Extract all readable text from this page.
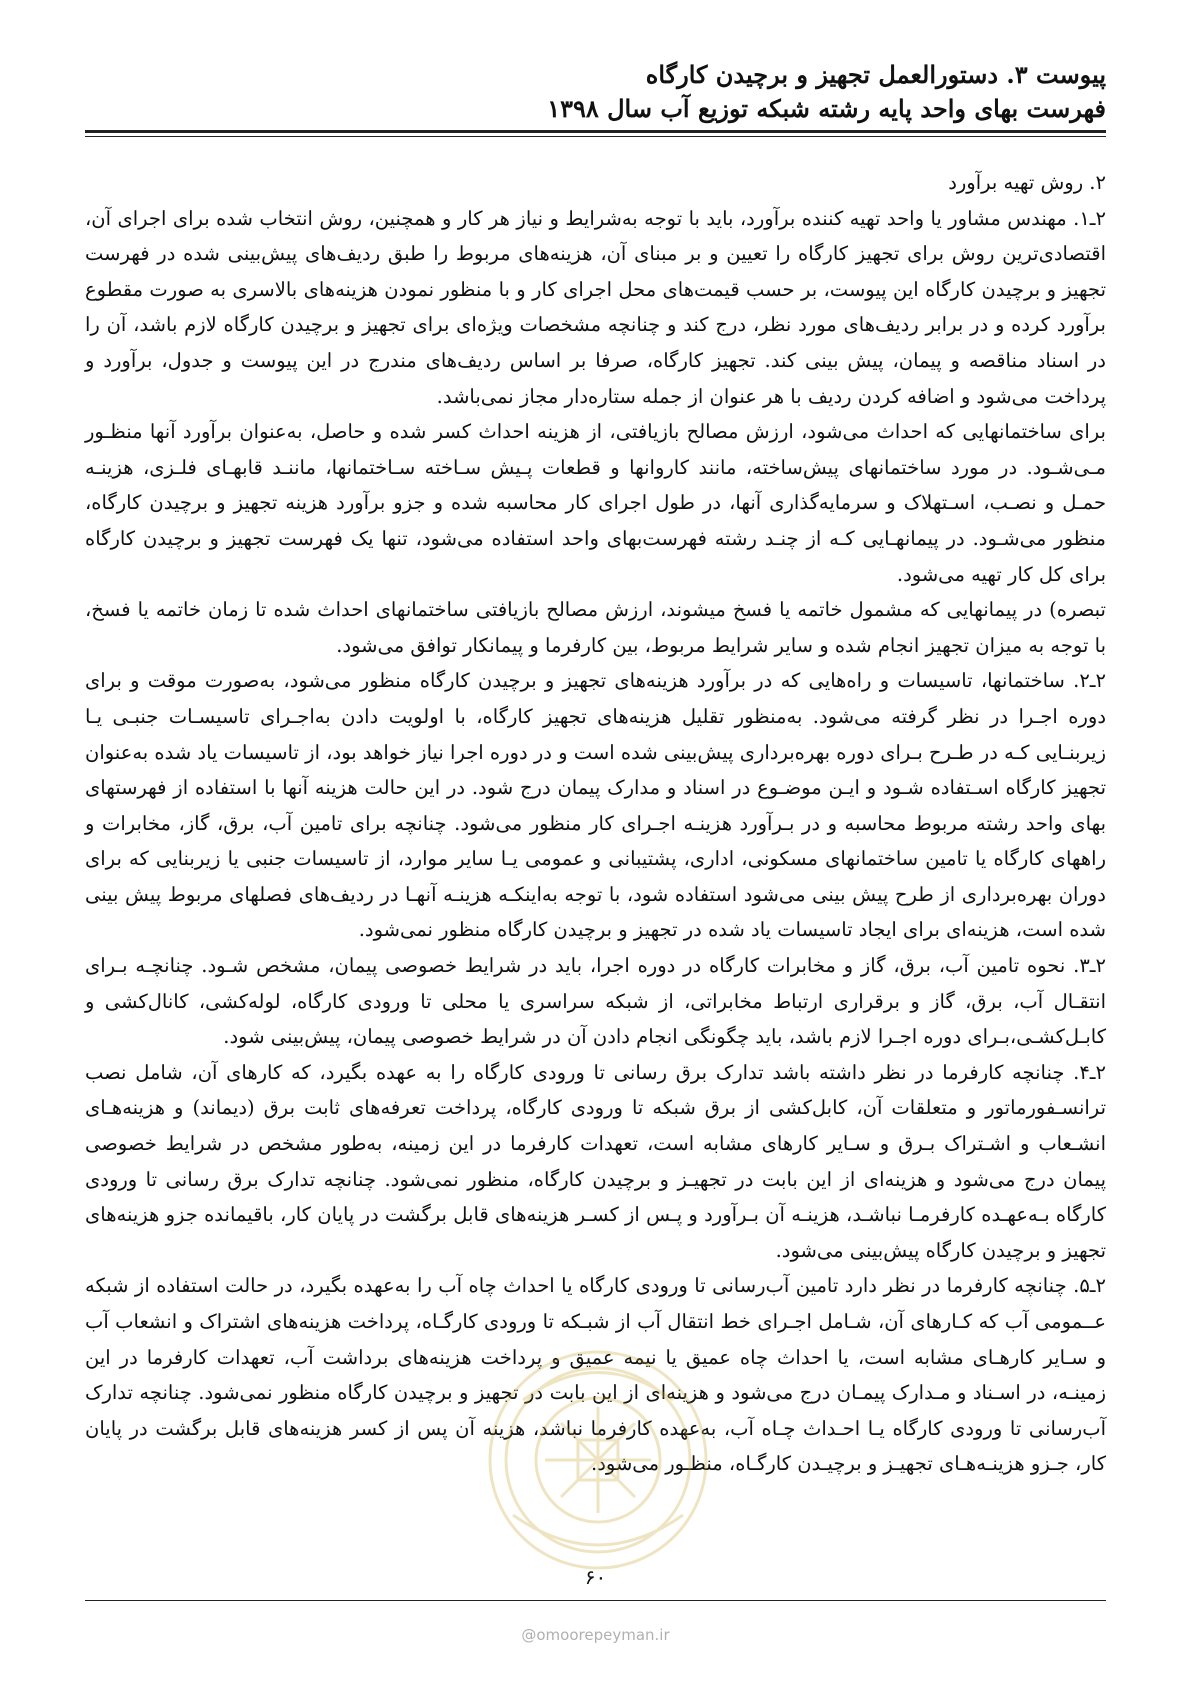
پیوست ۳. دستورالعمل تجهیز و برچیدن کارگاه
فهرست بهای واحد پایه رشته شبکه توزیع آب سال ۱۳۹۸

۲. روش تهیه برآورد

۲ـ۱. مهندس مشاور یا واحد تهیه کننده برآورد، باید با توجه به‌شرایط و نیاز هر کار و همچنین، روش انتخاب شده برای اجرای آن، اقتصادی‌ترین روش برای تجهیز کارگاه را تعیین و بر مبنای آن، هزینه‌های مربوط را طبق ردیف‌های پیش‌بینی شده در فهرست تجهیز و برچیدن کارگاه این پیوست، بر حسب قیمت‌های محل اجرای کار و با منظور نمودن هزینه‌های بالاسری به صورت مقطوع برآورد کرده و در برابر ردیف‌های مورد نظر، درج کند و چنانچه مشخصات ویژه‌ای برای تجهیز و برچیدن کارگاه لازم باشد، آن را در اسناد مناقصه و پیمان، پیش بینی کند. تجهیز کارگاه، صرفا بر اساس ردیف‌های مندرج در این پیوست و جدول، برآورد و پرداخت می‌شود و اضافه کردن ردیف با هر عنوان از جمله ستاره‌دار مجاز نمی‌باشد.

برای ساختمانهایی که احداث می‌شود، ارزش مصالح بازیافتی، از هزینه احداث کسر شده و حاصل، به‌عنوان برآورد آنها منظـور مـی‌شـود. در مورد ساختمانهای پیش‌ساخته، مانند کاروانها و قطعات پـیش سـاخته سـاختمانها، ماننـد قابهـای فلـزی، هزینـه حمـل و نصـب، اسـتهلاک و سرمایه‌گذاری آنها، در طول اجرای کار محاسبه شده و جزو برآورد هزینه تجهیز و برچیدن کارگاه، منظور می‌شـود. در پیمانهـایی کـه از چنـد رشته فهرست‌بهای واحد استفاده می‌شود، تنها یک فهرست تجهیز و برچیدن کارگاه برای کل کار تهیه می‌شود.

تبصره) در پیمانهایی که مشمول خاتمه یا فسخ میشوند، ارزش مصالح بازیافتی ساختمانهای احداث شده تا زمان خاتمه یا فسخ، با توجه به میزان تجهیز انجام شده و سایر شرایط مربوط، بین کارفرما و پیمانکار توافق می‌شود.

۲ـ۲. ساختمانها، تاسیسات و راه‌هایی که در برآورد هزینه‌های تجهیز و برچیدن کارگاه منظور می‌شود، به‌صورت موقت و برای دوره اجـرا در نظر گرفته می‌شود. به‌منظور تقلیل هزینه‌های تجهیز کارگاه، با اولویت دادن به‌اجـرای تاسیسـات جنبـی یـا زیربنـایی کـه در طـرح بـرای دوره بهره‌برداری پیش‌بینی شده است و در دوره اجرا نیاز خواهد بود، از تاسیسات یاد شده به‌عنوان تجهیز کارگاه اسـتفاده شـود و ایـن موضـوع در اسناد و مدارک پیمان درج شود. در این حالت هزینه آنها با استفاده از فهرستهای بهای واحد رشته مربوط محاسبه و در بـرآورد هزینـه اجـرای کار منظور می‌شود. چنانچه برای تامین آب، برق، گاز، مخابرات و راههای کارگاه یا تامین ساختمانهای مسکونی، اداری، پشتیبانی و عمومی یـا سایر موارد، از تاسیسات جنبی یا زیربنایی که برای دوران بهره‌برداری از طرح پیش بینی می‌شود استفاده شود، با توجه به‌اینکـه هزینـه آنهـا در ردیف‌های فصلهای مربوط پیش بینی شده است، هزینه‌ای برای ایجاد تاسیسات یاد شده در تجهیز و برچیدن کارگاه منظور نمی‌شود.

۲ـ۳. نحوه تامین آب، برق، گاز و مخابرات کارگاه در دوره اجرا، باید در شرایط خصوصی پیمان، مشخص شـود. چنانچـه بـرای انتقـال آب، برق، گاز و برقراری ارتباط مخابراتی، از شبکه سراسری یا محلی تا ورودی کارگاه، لوله‌کشی، کانال‌کشی و کابـل‌کشـی،بـرای دوره اجـرا لازم باشد، باید چگونگی انجام دادن آن در شرایط خصوصی پیمان، پیش‌بینی شود.

۲ـ۴. چنانچه کارفرما در نظر داشته باشد تدارک برق رسانی تا ورودی کارگاه را به عهده بگیرد، که کارهای آن، شامل نصب ترانسـفورماتور و متعلقات آن، کابل‌کشی از برق شبکه تا ورودی کارگاه، پرداخت تعرفه‌های ثابت برق (دیماند) و هزینه‌هـای انشـعاب و اشـتراک بـرق و سـایر کارهای مشابه است، تعهدات کارفرما در این زمینه، به‌طور مشخص در شرایط خصوصی پیمان درج می‌شود و هزینه‌ای از این بابت در تجهیـز و برچیدن کارگاه، منظور نمی‌شود. چنانچه تدارک برق رسانی تا ورودی کارگاه بـه‌عهـده کارفرمـا نباشـد، هزینـه آن بـرآورد و پـس از کسـر هزینه‌های قابل برگشت در پایان کار، باقیمانده جزو هزینه‌های تجهیز و برچیدن کارگاه پیش‌بینی می‌شود.

۲ـ۵. چنانچه کارفرما در نظر دارد تامین آب‌رسانی تا ورودی کارگاه یا احداث چاه آب را به‌عهده بگیرد، در حالت استفاده از شبکه عــمومی آب که کـارهای آن، شـامل اجـرای خط انتقال آب از شبـکه تا ورودی کارگـاه، پرداخت هزینه‌های اشتراک و انشعاب آب و سـایر کارهـای مشابه است، یا احداث چاه عمیق یا نیمه عمیق و پرداخت هزینه‌های برداشت آب، تعهدات کارفرما در این زمینـه، در اسـناد و مـدارک پیمـان درج می‌شود و هزینه‌ای از این بابت در تجهیز و برچیدن کارگاه منظور نمی‌شود. چنانچه تدارک آب‌رسانی تا ورودی کارگاه یـا احـداث چـاه آب، به‌عهده کارفرما نباشد، هزینه آن پس از کسر هزینه‌های قابل برگشت در پایان کار، جـزو هزینـه‌هـای تجهیـز و برچیـدن کارگـاه، منظـور می‌شود.

۶۰
@omoorepeyman.ir
